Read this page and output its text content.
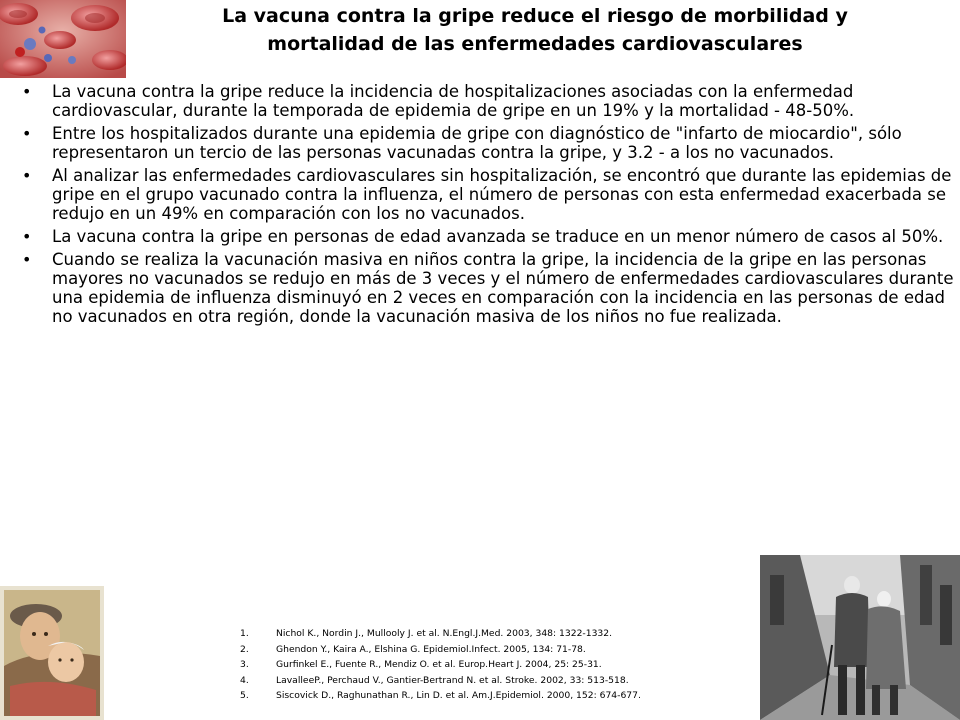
La vacuna contra la gripe reduce el riesgo de morbilidad y
mortalidad de las enfermedades cardiovasculares
• La vacuna contra la gripe reduce la incidencia de hospitalizaciones asociadas con la enfermedad cardiovascular, durante la temporada de epidemia de gripe en un 19% y la mortalidad - 48-50%.
• Entre los hospitalizados durante una epidemia de gripe con diagnóstico de "infarto de miocardio", sólo representaron un tercio de las personas vacunadas contra la gripe, y 3.2 - a los no vacunados.
• Al analizar las enfermedades cardiovasculares sin hospitalización, se encontró que durante las epidemias de gripe en el grupo vacunado contra la influenza, el número de personas con esta enfermedad exacerbada se redujo en un 49% en comparación con los no vacunados.
• La vacuna contra la gripe en personas de edad avanzada se traduce en un menor número de casos al 50%.
• Cuando se realiza la vacunación masiva en niños contra la gripe, la incidencia de la gripe en las personas mayores no vacunados se redujo en más de 3 veces y el número de enfermedades cardiovasculares durante una epidemia de influenza disminuyó en 2 veces en comparación con la incidencia en las personas de edad no vacunados en otra región, donde la vacunación masiva de los niños no fue realizada.
1.	Nichol K., Nordin J., Mullooly J. et al. N.Engl.J.Med. 2003, 348: 1322-1332.
2.	Ghendon Y., Kaira A., Elshina G. Epidemiol.Infect. 2005, 134: 71-78.
3.	Gurfinkel E., Fuente R., Mendiz O. et al. Europ.Heart J. 2004, 25: 25-31.
4.	LavalleeP., Perchaud V., Gantier-Bertrand N. et al. Stroke. 2002, 33: 513-518.
5.	Siscovick D., Raghunathan R., Lin D. et al. Am.J.Epidemiol. 2000, 152: 674-677.
